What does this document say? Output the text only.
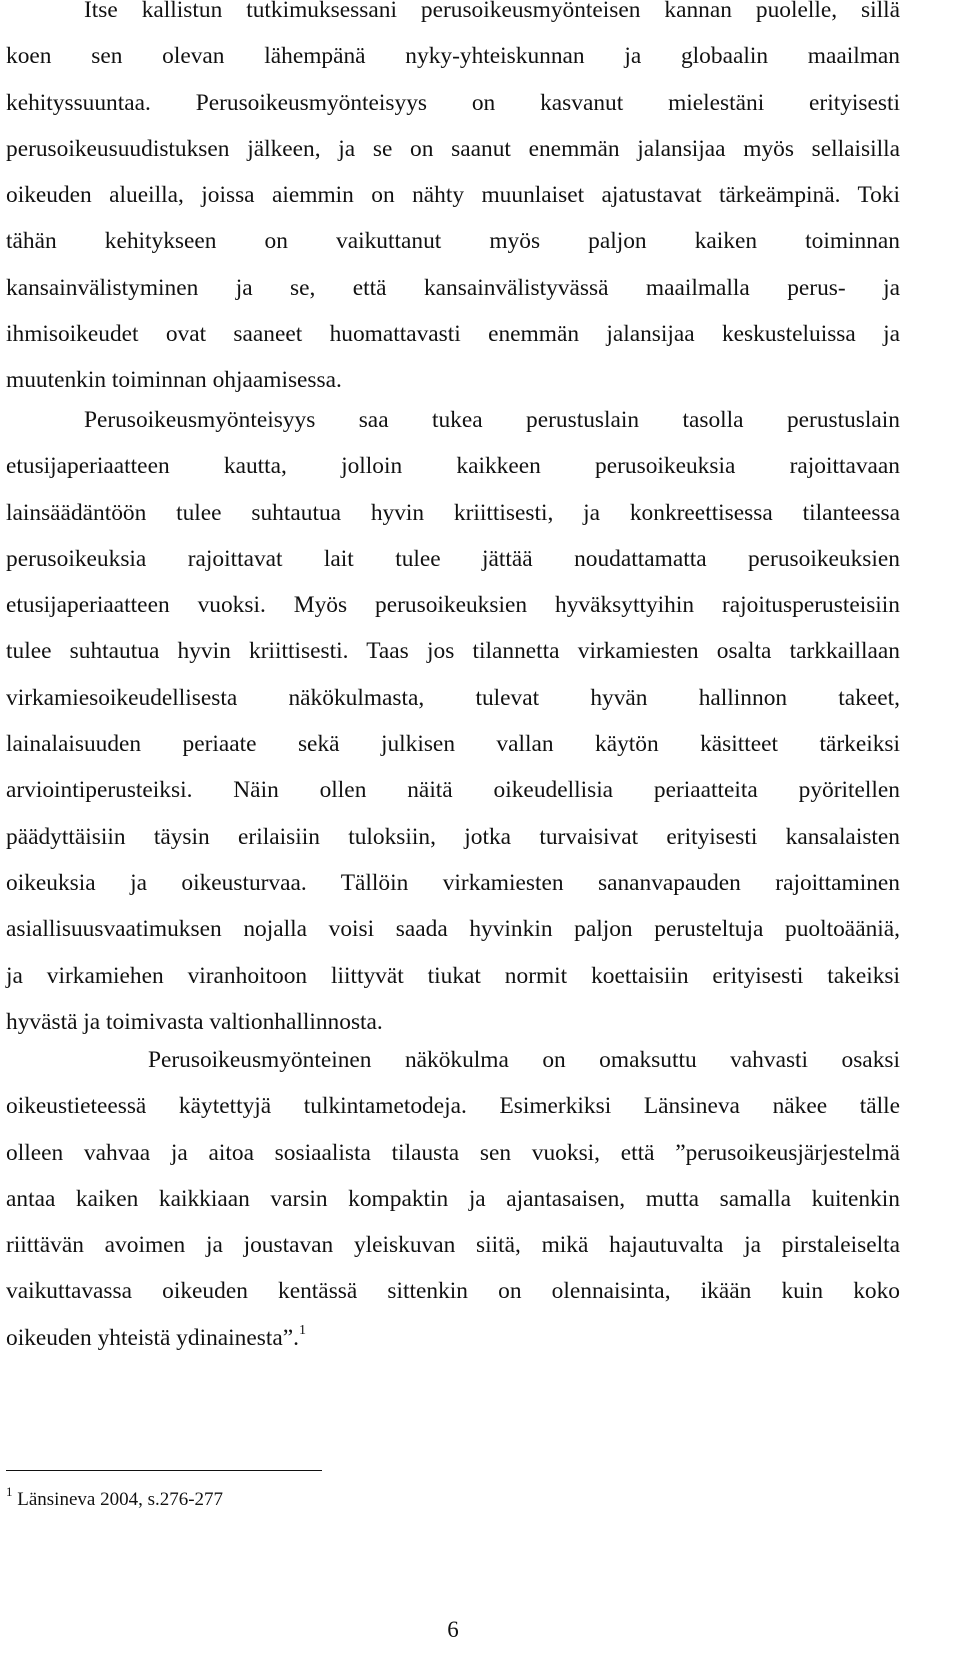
Itse kallistun tutkimuksessani perusoikeusmyönteisen kannan puolelle, sillä
koen sen olevan lähempänä nyky-yhteiskunnan ja globaalin maailman
kehityssuuntaa. Perusoikeusmyönteisyys on kasvanut mielestäni erityisesti
perusoikeusuudistuksen jälkeen, ja se on saanut enemmän jalansijaa myös sellaisilla
oikeuden alueilla, joissa aiemmin on nähty muunlaiset ajatustavat tärkeämpinä. Toki
tähän kehitykseen on vaikuttanut myös paljon kaiken toiminnan
kansainvälistyminen ja se, että kansainvälistyvässä maailmalla perus- ja
ihmisoikeudet ovat saaneet huomattavasti enemmän jalansijaa keskusteluissa ja
muutenkin toiminnan ohjaamisessa.
Perusoikeusmyönteisyys saa tukea perustuslain tasolla perustuslain
etusijaperiaatteen kautta, jolloin kaikkeen perusoikeuksia rajoittavaan
lainsäädäntöön tulee suhtautua hyvin kriittisesti, ja konkreettisessa tilanteessa
perusoikeuksia rajoittavat lait tulee jättää noudattamatta perusoikeuksien
etusijaperiaatteen vuoksi. Myös perusoikeuksien hyväksyttyihin rajoitusperusteisiin
tulee suhtautua hyvin kriittisesti. Taas jos tilannetta virkamiesten osalta tarkkaillaan
virkamiesoikeudellisesta näkökulmasta, tulevat hyvän hallinnon takeet,
lainalaisuuden periaate sekä julkisen vallan käytön käsitteet tärkeiksi
arviointiperusteiksi. Näin ollen näitä oikeudellisia periaatteita pyöritellen
päädyttäisiin täysin erilaisiin tuloksiin, jotka turvaisivat erityisesti kansalaisten
oikeuksia ja oikeusturvaa. Tällöin virkamiesten sananvapauden rajoittaminen
asiallisuusvaatimuksen nojalla voisi saada hyvinkin paljon perusteltuja puoltoääniä,
ja virkamiehen viranhoitoon liittyvät tiukat normit koettaisiin erityisesti takeiksi
hyvästä ja toimivasta valtionhallinnosta.
Perusoikeusmyönteinen näkökulma on omaksuttu vahvasti osaksi
oikeustieteessä käytettyjä tulkintametodeja. Esimerkiksi Länsineva näkee tälle
olleen vahvaa ja aitoa sosiaalista tilausta sen vuoksi, että ”perusoikeusjärjestelmä
antaa kaiken kaikkiaan varsin kompaktin ja ajantasaisen, mutta samalla kuitenkin
riittävän avoimen ja joustavan yleiskuvan siitä, mikä hajautuvalta ja pirstaleiselta
vaikuttavassa oikeuden kentässä sittenkin on olennaisinta, ikään kuin koko
oikeuden yhteistä ydinainesta”.$^1$
$^1$ Länsineva 2004, s.276-277
6
